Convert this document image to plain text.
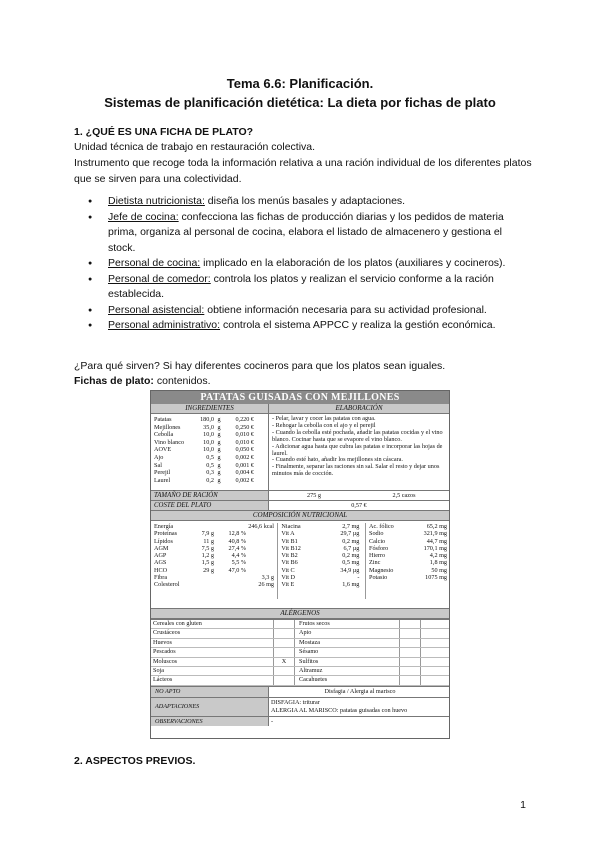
Tema 6.6: Planificación.
Sistemas de planificación dietética: La dieta por fichas de plato
1. ¿QUÉ ES UNA FICHA DE PLATO?
Unidad técnica de trabajo en restauración colectiva.
Instrumento que recoge toda la información relativa a una ración individual de los diferentes platos que se sirven para una colectividad.
● Dietista nutricionista: diseña los menús basales y adaptaciones.
● Jefe de cocina: confecciona las fichas de producción diarias y los pedidos de materia prima, organiza al personal de cocina, elabora el listado de almacenero y gestiona el stock.
● Personal de cocina: implicado en la elaboración de los platos (auxiliares y cocineros).
● Personal de comedor: controla los platos y realizan el servicio conforme a la ración establecida.
● Personal asistencial: obtiene información necesaria para su actividad profesional.
● Personal administrativo: controla el sistema APPCC y realiza la gestión económica.
¿Para qué sirven? Si hay diferentes cocineros para que los platos sean iguales.
Fichas de plato: contenidos.
PATATAS GUISADAS CON MEJILLONES
INGREDIENTES	ELABORACIÓN
Patatas	180,0 g	0,220 €
Mejillones	35,0 g	0,250 €
Cebolla	10,0 g	0,010 €
Vino blanco	10,0 g	0,010 €
AOVE	10,0 g	0,050 €
Ajo	0,5 g	0,002 €
Sal	0,5 g	0,001 €
Perejil	0,3 g	0,004 €
Laurel	0,2 g	0,002 €
- Pelar, lavar y cocer las patatas con agua.
- Rehogar la cebolla con el ajo y el perejil
- Cuando la cebolla esté pochada, añadir las patatas cocidas y el vino blanco. Cocinar hasta que se evapore el vino blanco.
- Adicionar agua hasta que cubra las patatas e incorporar las hojas de laurel.
- Cuando esté hato, añadir los mejillones sin cáscara.
- Finalmente, separar las raciones sin sal. Salar el resto y dejar unos minutos más de cocción.
TAMAÑO DE RACIÓN	275 g	2,5 cazos
COSTE DEL PLATO	0,57 €
COMPOSICIÓN NUTRICIONAL
Energía	246,6 kcal
Proteínas	7,9 g	12,8 %
Lípidos	11 g	40,8 %
AGM	7,5 g	27,4 %
AGP	1,2 g	4,4 %
AGS	1,5 g	5,5 %
HCO	29 g	47,0 %
Fibra	3,3 g
Colesterol	26 mg
Niacina	2,7 mg
Vit A	29,7 µg
Vit B1	0,2 mg
Vit B12	6,7 µg
Vit B2	0,2 mg
Vit B6	0,5 mg
Vit C	34,9 µg
Vit D	-
Vit E	1,6 mg
Ac. fólico	65,2 mg
Sodio	321,9 mg
Calcio	44,7 mg
Fósforo	170,1 mg
Hierro	4,2 mg
Zinc	1,8 mg
Magnesio	50 mg
Potasio	1075 mg
ALÉRGENOS
Cereales con gluten	Frutos secos
Crustáceos	Apio
Huevos	Mostaza
Pescados	Sésamo
Moluscos	X	Sulfitos
Soja	Altramuz
Lácteos	Cacahuetes
NO APTO	Disfagia / Alergia al marisco
ADAPTACIONES
DISFAGIA: triturar
ALERGIA AL MARISCO: patatas guisadas con huevo
OBSERVACIONES	-
2. ASPECTOS PREVIOS.
1
